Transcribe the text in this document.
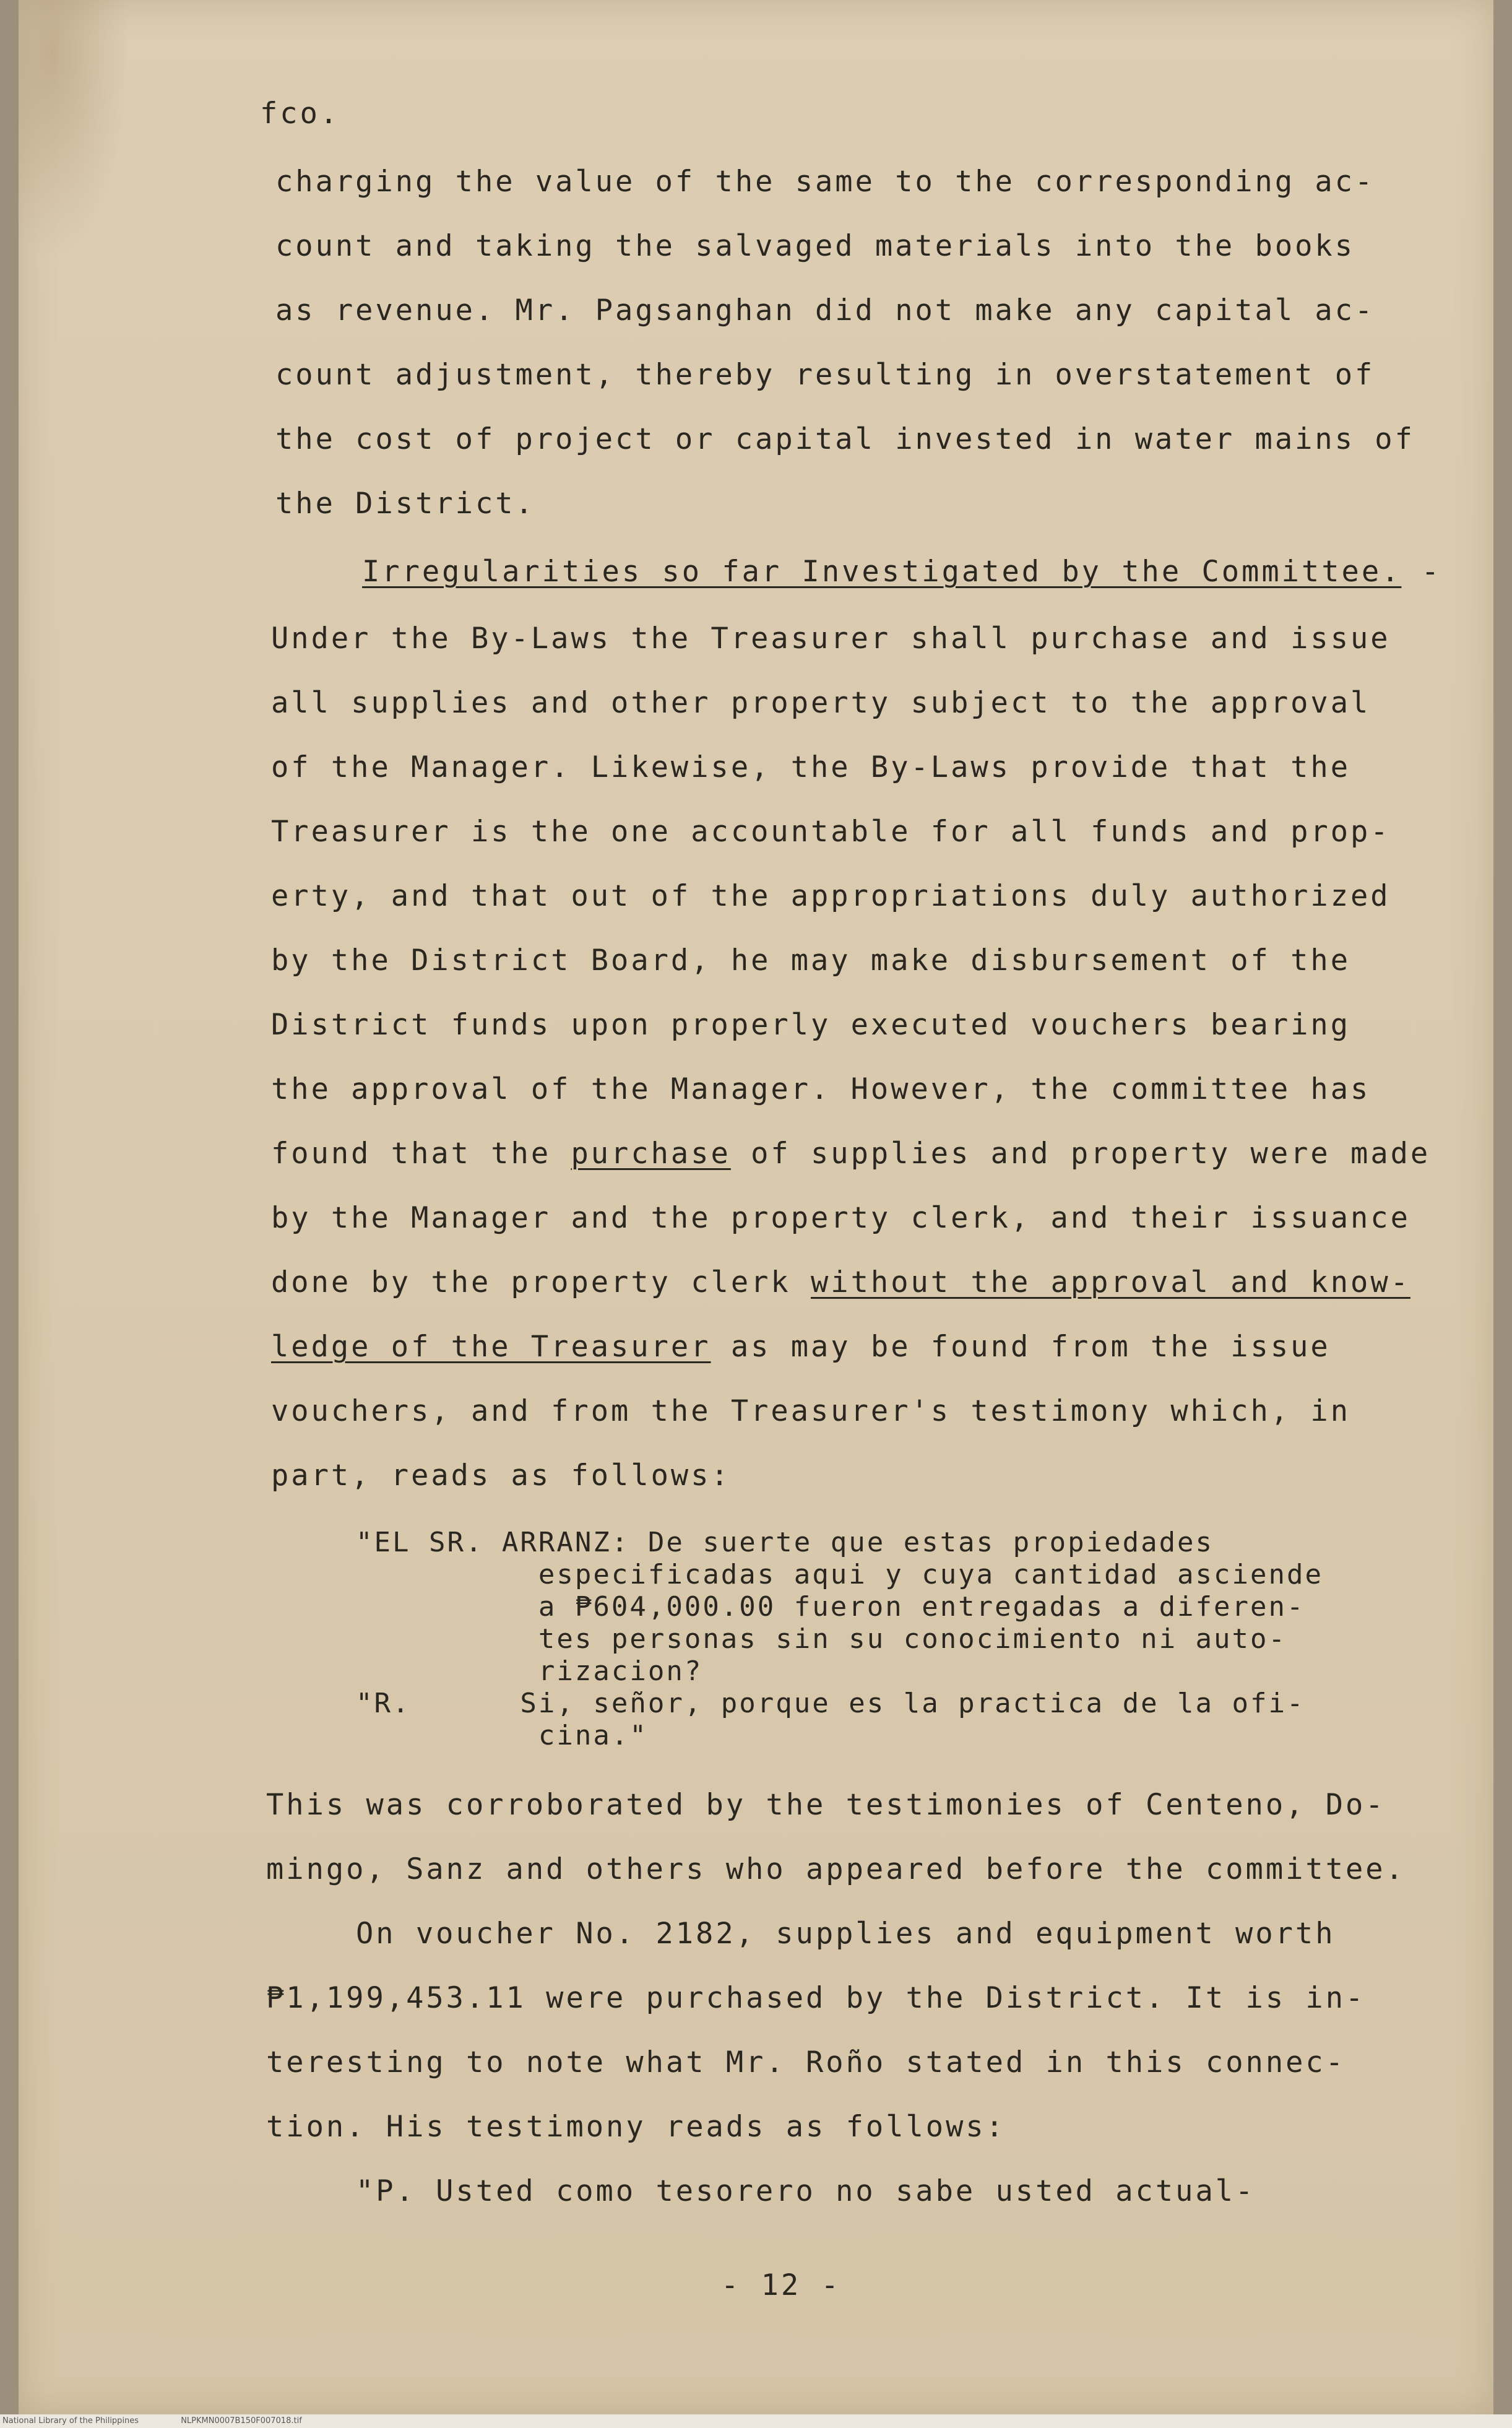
fco.

charging the value of the same to the corresponding ac-

count and taking the salvaged materials into the books

as revenue. Mr. Pagsanghan did not make any capital ac-

count adjustment, thereby resulting in overstatement of

the cost of project or capital invested in water mains of

the District.

Irregularities so far Investigated by the Committee. -

Under the By-Laws the Treasurer shall purchase and issue

all supplies and other property subject to the approval

of the Manager. Likewise, the By-Laws provide that the

Treasurer is the one accountable for all funds and prop-

erty, and that out of the appropriations duly authorized

by the District Board, he may make disbursement of the

District funds upon properly executed vouchers bearing

the approval of the Manager. However, the committee has

found that the purchase of supplies and property were made

by the Manager and the property clerk, and their issuance

done by the property clerk without the approval and know-

ledge of the Treasurer as may be found from the issue

vouchers, and from the Treasurer's testimony which, in

part, reads as follows:

"EL SR. ARRANZ: De suerte que estas propiedades

especificadas aqui y cuya cantidad asciende

a ₱604,000.00 fueron entregadas a diferen-

tes personas sin su conocimiento ni auto-

rizacion?

"R.      Si, señor, porque es la practica de la ofi-

cina."

This was corroborated by the testimonies of Centeno, Do-

mingo, Sanz and others who appeared before the committee.

On voucher No. 2182, supplies and equipment worth

₱1,199,453.11 were purchased by the District. It is in-

teresting to note what Mr. Roño stated in this connec-

tion. His testimony reads as follows:

"P. Usted como tesorero no sabe usted actual-

- 12 -

National Library of the Philippines	NLPKMN0007B150F007018.tif
